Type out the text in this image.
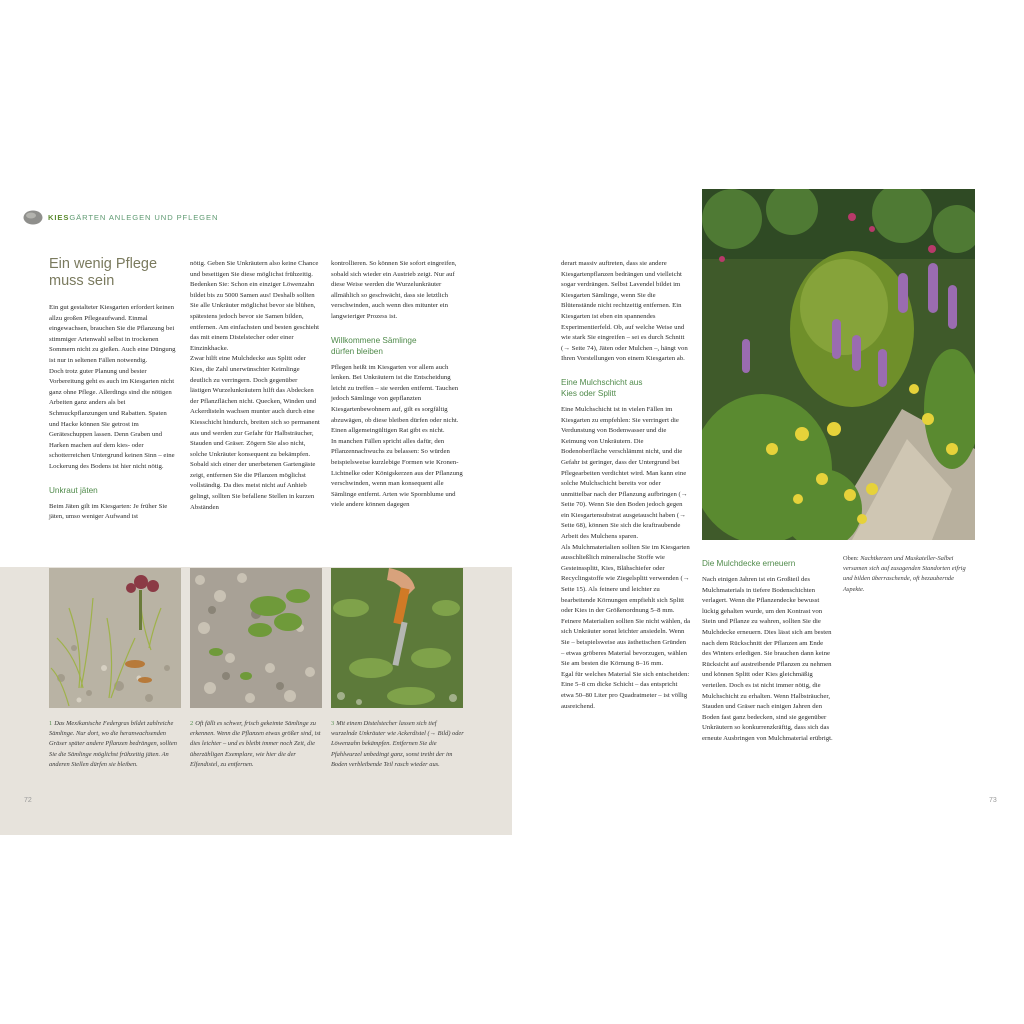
KIESGÄRTEN ANLEGEN UND PFLEGEN
Ein wenig Pflege
muss sein

Ein gut gestalteter Kiesgarten erfordert keinen allzu großen Pflegeaufwand. Einmal eingewachsen, brauchen Sie die Pflanzung bei stimmiger Artenwahl selbst in trockenen Sommern nicht zu gießen. Auch eine Düngung ist nur in seltenen Fällen notwendig.

Doch trotz guter Planung und bester Vorbereitung geht es auch im Kiesgarten nicht ganz ohne Pflege. Allerdings sind die nötigen Arbeiten ganz anders als bei Schmuckpflanzungen und Rabatten. Spaten und Hacke können Sie getrost im Geräteschuppen lassen. Denn Graben und Harken machen auf dem kies- oder schotterreichen Untergrund keinen Sinn – eine Lockerung des Bodens ist hier nicht nötig.

Unkraut jäten

Beim Jäten gilt im Kiesgarten: Je früher Sie jäten, umso weniger Aufwand ist

nötig. Geben Sie Unkräutern also keine Chance und beseitigen Sie diese möglichst frühzeitig. Bedenken Sie: Schon ein einziger Löwenzahn bildet bis zu 5000 Samen aus! Deshalb sollten Sie alle Unkräuter möglichst bevor sie blühen, spätestens jedoch bevor sie Samen bilden, entfernen. Am einfachsten und besten geschieht das mit einem Distelstecher oder einer Einzinkhacke.

Zwar hilft eine Mulchdecke aus Splitt oder Kies, die Zahl unerwünschter Keimlinge deutlich zu verringern. Doch gegenüber lästigen Wurzelunkräutern hilft das Abdecken der Pflanzflächen nicht. Quecken, Winden und Ackerdisteln wachsen munter auch durch eine Kiesschicht hindurch, breiten sich so permanent aus und werden zur Gefahr für Halbsträucher, Stauden und Gräser. Zögern Sie also nicht, solche Unkräuter konsequent zu bekämpfen. Sobald sich einer der unerbetenen Gartengäste zeigt, entfernen Sie die Pflanzen möglichst vollständig. Da dies meist nicht auf Anhieb gelingt, sollten Sie befallene Stellen in kurzen Abständen

kontrollieren. So können Sie sofort eingreifen, sobald sich wieder ein Austrieb zeigt. Nur auf diese Weise werden die Wurzelunkräuter allmählich so geschwächt, dass sie letztlich verschwinden, auch wenn dies mitunter ein langwieriger Prozess ist.

Willkommene Sämlinge
dürfen bleiben

Pflegen heißt im Kiesgarten vor allem auch lenken. Bei Unkräutern ist die Entscheidung leicht zu treffen – sie werden entfernt. Tauchen jedoch Sämlinge von gepflanzten Kiesgartenbewohnern auf, gilt es sorgfältig abzuwägen, ob diese bleiben dürfen oder nicht. Einen allgemeingültigen Rat gibt es nicht.

In manchen Fällen spricht alles dafür, den Pflanzennachwuchs zu belassen: So würden beispielsweise kurzlebige Formen wie Kronen-Lichtnelke oder Königskerzen aus der Pflanzung verschwinden, wenn man konsequent alle Sämlinge entfernt. Arten wie Spornblume und viele andere können dagegen

1 Das Mexikanische Federgras bildet zahlreiche Sämlinge. Nur dort, wo die heranwachsenden Gräser später andere Pflanzen bedrängen, sollten Sie die Sämlinge möglichst frühzeitig jäten. An anderen Stellen dürfen sie bleiben.
2 Oft fällt es schwer, frisch gekeimte Sämlinge zu erkennen. Wenn die Pflanzen etwas größer sind, ist dies leichter – und es bleibt immer noch Zeit, die überzähligen Exemplare, wie hier die der Elfendistel, zu entfernen.
3 Mit einem Distelstecher lassen sich tief wurzelnde Unkräuter wie Ackerdistel (→ Bild) oder Löwenzahn bekämpfen. Entfernen Sie die Pfahlwurzel unbedingt ganz, sonst treibt der im Boden verbleibende Teil rasch wieder aus.
72

derart massiv auftreten, dass sie andere Kiesgartenpflanzen bedrängen und vielleicht sogar verdrängen. Selbst Lavendel bildet im Kiesgarten Sämlinge, wenn Sie die Blütenstände nicht rechtzeitig entfernen. Ein Kiesgarten ist eben ein spannendes Experimentierfeld. Ob, auf welche Weise und wie stark Sie eingreifen – sei es durch Schnitt (→ Seite 74), Jäten oder Mulchen –, hängt von Ihren Vorstellungen von einem Kiesgarten ab.

Eine Mulchschicht aus
Kies oder Splitt

Eine Mulchschicht ist in vielen Fällen im Kiesgarten zu empfehlen: Sie verringert die Verdunstung von Bodenwasser und die Keimung von Unkräutern. Die Bodenoberfläche verschlämmt nicht, und die Gefahr ist geringer, dass der Untergrund bei Pflegearbeiten verdichtet wird. Man kann eine solche Mulchschicht bereits vor oder unmittelbar nach der Pflanzung aufbringen (→ Seite 70). Wenn Sie den Boden jedoch gegen ein Kiesgartensubstrat ausgetauscht haben (→ Seite 68), können Sie sich die kraftraubende Arbeit des Mulchens sparen.

Als Mulchmaterialien sollten Sie im Kiesgarten ausschließlich mineralische Stoffe wie Gesteinssplitt, Kies, Blähschiefer oder Recyclingstoffe wie Ziegelsplitt verwenden (→ Seite 15). Als feinere und leichter zu bearbeitende Körnungen empfiehlt sich Splitt oder Kies in der Größenordnung 5–8 mm. Feinere Materialien sollten Sie nicht wählen, da sich Unkräuter sonst leichter ansiedeln. Wenn Sie – beispielsweise aus ästhetischen Gründen – etwas gröberes Material bevorzugen, wählen Sie am besten die Körnung 8–16 mm.

Egal für welches Material Sie sich entscheiden: Eine 5–8 cm dicke Schicht – das entspricht etwa 50–80 Liter pro Quadratmeter – ist völlig ausreichend.

Die Mulchdecke erneuern

Nach einigen Jahren ist ein Großteil des Mulchmaterials in tiefere Bodenschichten verlagert. Wenn die Pflanzendecke bewusst lückig gehalten wurde, um den Kontrast von Stein und Pflanze zu wahren, sollten Sie die Mulchdecke erneuern. Dies lässt sich am besten nach dem Rückschnitt der Pflanzen am Ende des Winters erledigen. Sie brauchen dann keine Rücksicht auf austreibende Pflanzen zu nehmen und können Splitt oder Kies gleichmäßig verteilen. Doch es ist nicht immer nötig, die Mulchschicht zu erhalten. Wenn Halbsträucher, Stauden und Gräser nach einigen Jahren den Boden fast ganz bedecken, sind sie gegenüber Unkräutern so konkurrenzkräftig, dass sich das erneute Ausbringen von Mulchmaterial erübrigt.

Oben: Nachtkerzen und Muskateller-Salbei versamen sich auf zusagenden Standorten eifrig und bilden überraschende, oft bezaubernde Aspekte.
73
